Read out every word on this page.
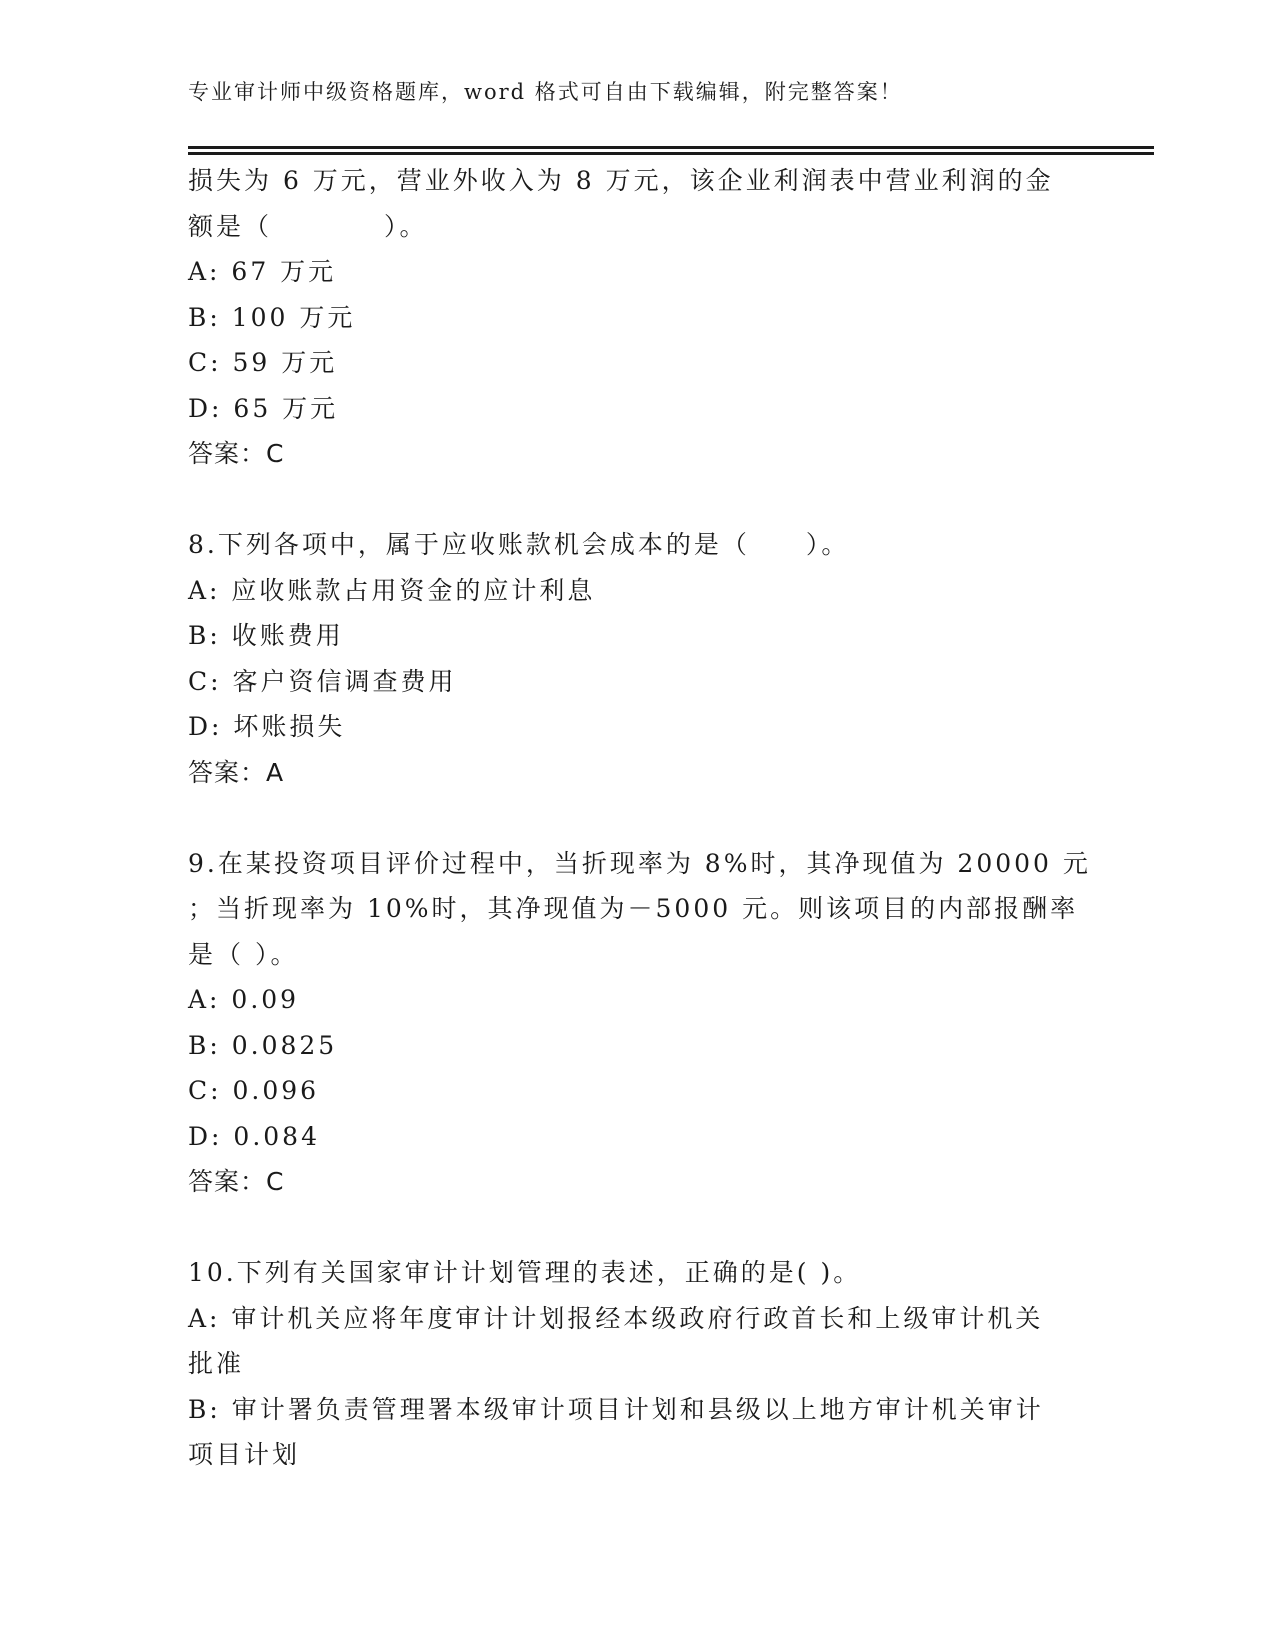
专业审计师中级资格题库，word 格式可自由下载编辑，附完整答案！
损失为 6 万元，营业外收入为 8 万元，该企业利润表中营业利润的金
额是（　　　　）。
A: 67 万元
B: 100 万元
C: 59 万元
D: 65 万元
答案：C
8.下列各项中，属于应收账款机会成本的是（　　）。
A: 应收账款占用资金的应计利息
B: 收账费用
C: 客户资信调查费用
D: 坏账损失
答案：A
9.在某投资项目评价过程中，当折现率为 8%时，其净现值为 20000 元
；当折现率为 10%时，其净现值为－5000 元。则该项目的内部报酬率
是（ ）。
A: 0.09
B: 0.0825
C: 0.096
D: 0.084
答案：C
10.下列有关国家审计计划管理的表述，正确的是( )。
A: 审计机关应将年度审计计划报经本级政府行政首长和上级审计机关
批准
B: 审计署负责管理署本级审计项目计划和县级以上地方审计机关审计
项目计划
